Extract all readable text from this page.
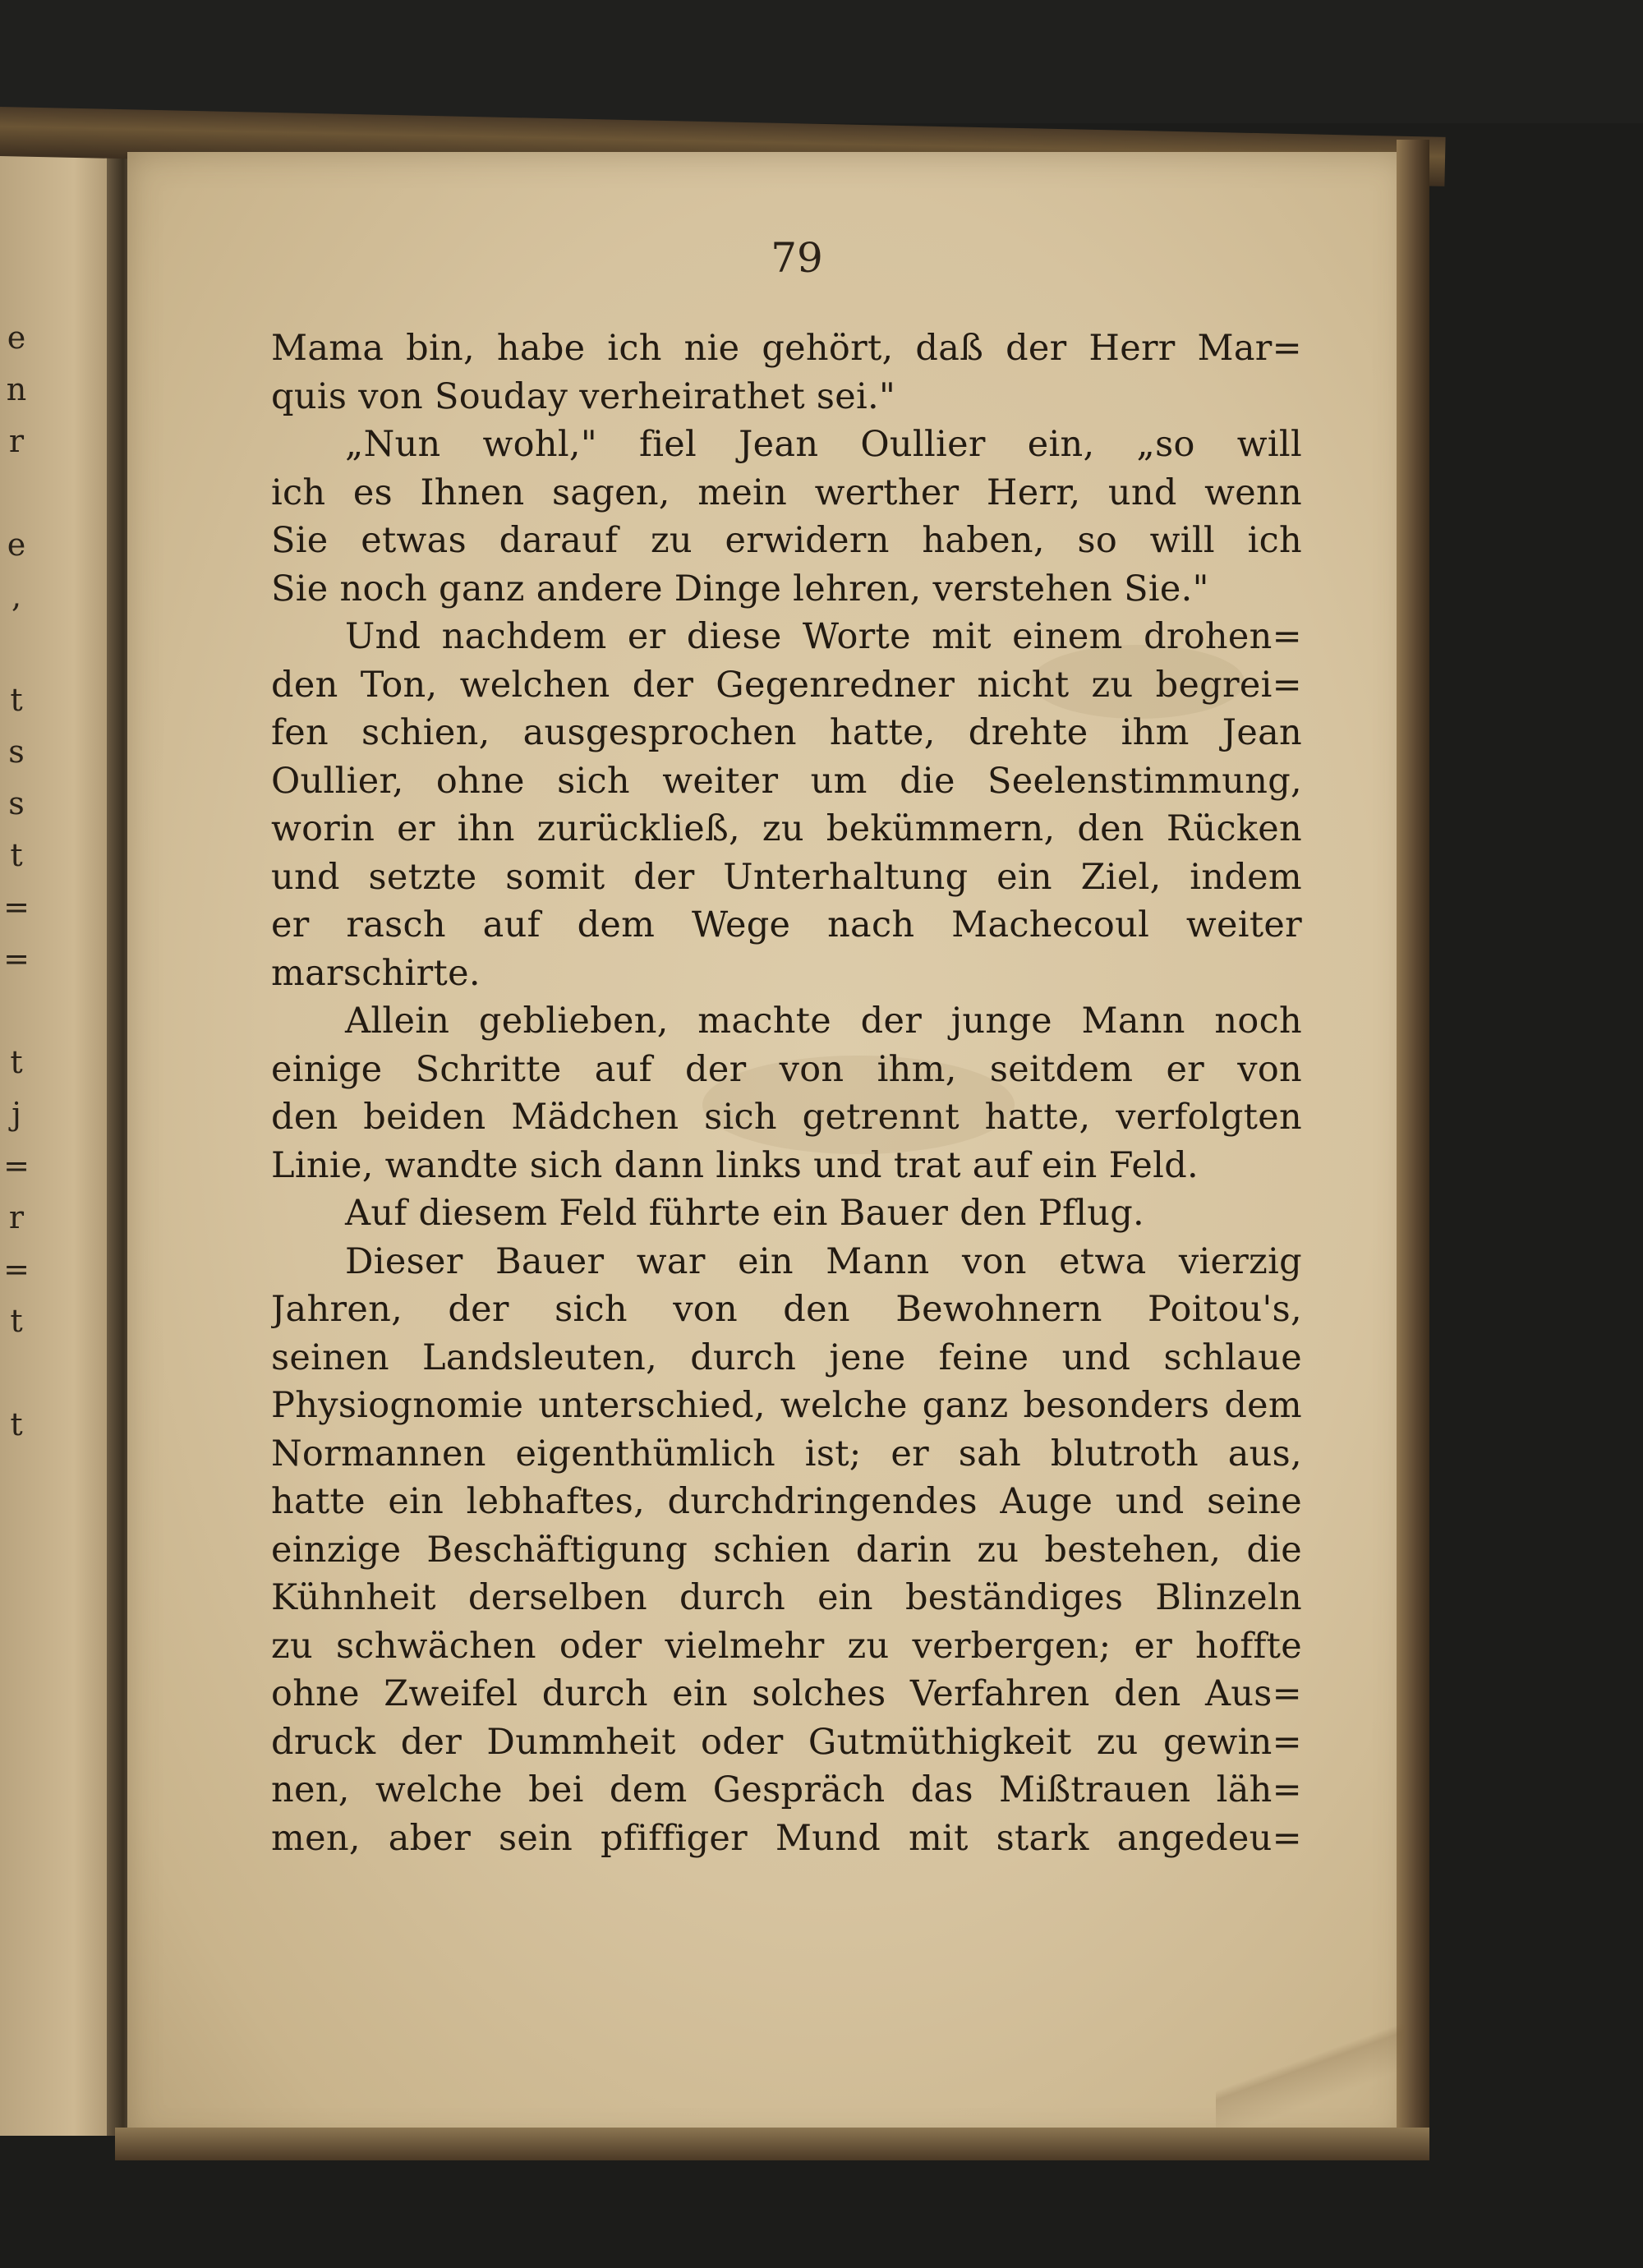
e
n
r
e
,
t
s
s
t
=
=
t
j
=
r
=
t
t
79
Mama bin, habe ich nie gehört, daß der Herr Mar=
quis von Souday verheirathet sei."
„Nun wohl," fiel Jean Oullier ein, „so will
ich es Ihnen sagen, mein werther Herr, und wenn
Sie etwas darauf zu erwidern haben, so will ich
Sie noch ganz andere Dinge lehren, verstehen Sie."
Und nachdem er diese Worte mit einem drohen=
den Ton, welchen der Gegenredner nicht zu begrei=
fen schien, ausgesprochen hatte, drehte ihm Jean
Oullier, ohne sich weiter um die Seelenstimmung,
worin er ihn zurückließ, zu bekümmern, den Rücken
und setzte somit der Unterhaltung ein Ziel, indem
er rasch auf dem Wege nach Machecoul weiter
marschirte.
Allein geblieben, machte der junge Mann noch
einige Schritte auf der von ihm, seitdem er von
den beiden Mädchen sich getrennt hatte, verfolgten
Linie, wandte sich dann links und trat auf ein Feld.
Auf diesem Feld führte ein Bauer den Pflug.
Dieser Bauer war ein Mann von etwa vierzig
Jahren, der sich von den Bewohnern Poitou's,
seinen Landsleuten, durch jene feine und schlaue
Physiognomie unterschied, welche ganz besonders dem
Normannen eigenthümlich ist; er sah blutroth aus,
hatte ein lebhaftes, durchdringendes Auge und seine
einzige Beschäftigung schien darin zu bestehen, die
Kühnheit derselben durch ein beständiges Blinzeln
zu schwächen oder vielmehr zu verbergen; er hoffte
ohne Zweifel durch ein solches Verfahren den Aus=
druck der Dummheit oder Gutmüthigkeit zu gewin=
nen, welche bei dem Gespräch das Mißtrauen läh=
men, aber sein pfiffiger Mund mit stark angedeu=
